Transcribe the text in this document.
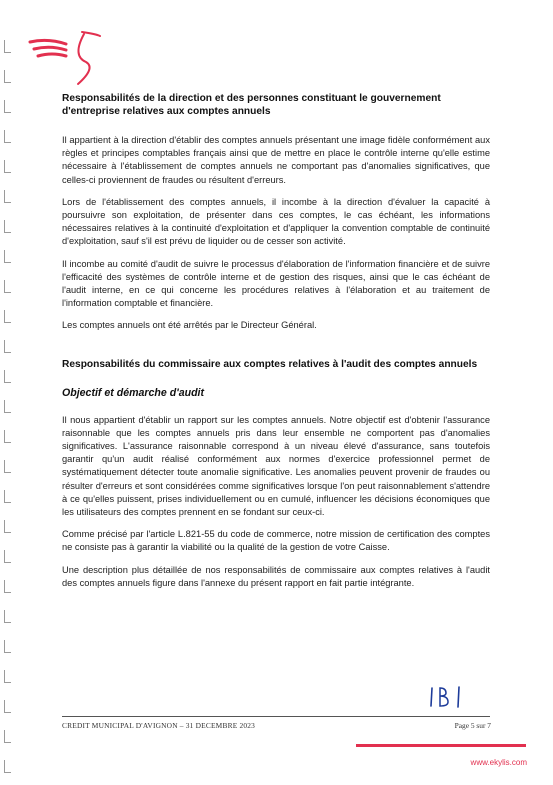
Responsabilités de la direction et des personnes constituant le gouvernement d'entreprise relatives aux comptes annuels

Il appartient à la direction d'établir des comptes annuels présentant une image fidèle conformément aux règles et principes comptables français ainsi que de mettre en place le contrôle interne qu'elle estime nécessaire à l'établissement de comptes annuels ne comportant pas d'anomalies significatives, que celles-ci proviennent de fraudes ou résultent d'erreurs.

Lors de l'établissement des comptes annuels, il incombe à la direction d'évaluer la capacité à poursuivre son exploitation, de présenter dans ces comptes, le cas échéant, les informations nécessaires relatives à la continuité d'exploitation et d'appliquer la convention comptable de continuité d'exploitation, sauf s'il est prévu de liquider ou de cesser son activité.

Il incombe au comité d'audit de suivre le processus d'élaboration de l'information financière et de suivre l'efficacité des systèmes de contrôle interne et de gestion des risques, ainsi que le cas échéant de l'audit interne, en ce qui concerne les procédures relatives à l'élaboration et au traitement de l'information comptable et financière.

Les comptes annuels ont été arrêtés par le Directeur Général.

Responsabilités du commissaire aux comptes relatives à l'audit des comptes annuels
Objectif et démarche d'audit

Il nous appartient d'établir un rapport sur les comptes annuels. Notre objectif est d'obtenir l'assurance raisonnable que les comptes annuels pris dans leur ensemble ne comportent pas d'anomalies significatives. L'assurance raisonnable correspond à un niveau élevé d'assurance, sans toutefois garantir qu'un audit réalisé conformément aux normes d'exercice professionnel permet de systématiquement détecter toute anomalie significative. Les anomalies peuvent provenir de fraudes ou résulter d'erreurs et sont considérées comme significatives lorsque l'on peut raisonnablement s'attendre à ce qu'elles puissent, prises individuellement ou en cumulé, influencer les décisions économiques que les utilisateurs des comptes prennent en se fondant sur ceux-ci.

Comme précisé par l'article L.821-55 du code de commerce, notre mission de certification des comptes ne consiste pas à garantir la viabilité ou la qualité de la gestion de votre Caisse.

Une description plus détaillée de nos responsabilités de commissaire aux comptes relatives à l'audit des comptes annuels figure dans l'annexe du présent rapport en fait partie intégrante.

CREDIT MUNICIPAL D'AVIGNON – 31 DECEMBRE 2023	Page 5 sur 7
www.ekylis.com
